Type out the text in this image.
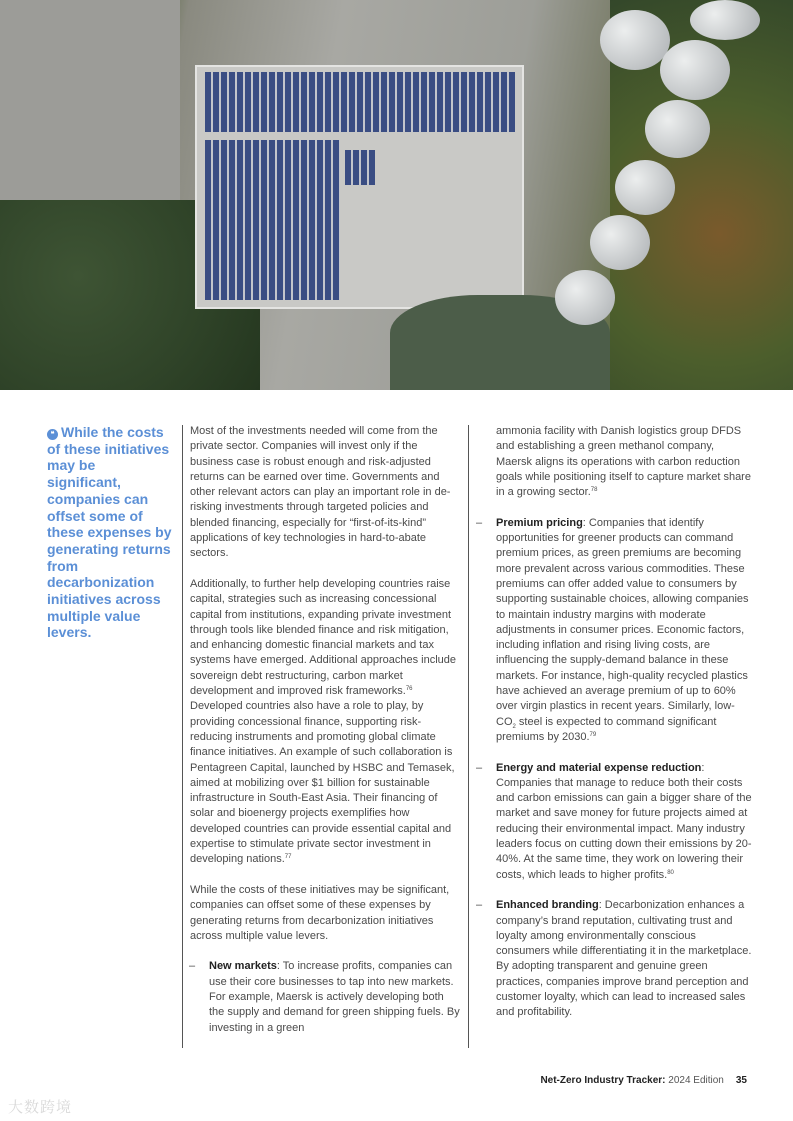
❝ While the costs of these initiatives may be significant, companies can offset some of these expenses by generating returns from decarbonization initiatives across multiple value levers.

Most of the investments needed will come from the private sector. Companies will invest only if the business case is robust enough and risk-adjusted returns can be earned over time. Governments and other relevant actors can play an important role in de-risking investments through targeted policies and blended financing, especially for “first-of-its-kind” applications of key technologies in hard-to-abate sectors.

Additionally, to further help developing countries raise capital, strategies such as increasing concessional capital from institutions, expanding private investment through tools like blended finance and risk mitigation, and enhancing domestic financial markets and tax systems have emerged. Additional approaches include sovereign debt restructuring, carbon market development and improved risk frameworks.$^{76}$ Developed countries also have a role to play, by providing concessional finance, supporting risk-reducing instruments and promoting global climate finance initiatives. An example of such collaboration is Pentagreen Capital, launched by HSBC and Temasek, aimed at mobilizing over $1 billion for sustainable infrastructure in South-East Asia. Their financing of solar and bioenergy projects exemplifies how developed countries can provide essential capital and expertise to stimulate private sector investment in developing nations.$^{77}$

While the costs of these initiatives may be significant, companies can offset some of these expenses by generating returns from decarbonization initiatives across multiple value levers.

– New markets: To increase profits, companies can use their core businesses to tap into new markets. For example, Maersk is actively developing both the supply and demand for green shipping fuels. By investing in a green

ammonia facility with Danish logistics group DFDS and establishing a green methanol company, Maersk aligns its operations with carbon reduction goals while positioning itself to capture market share in a growing sector.$^{78}$

– Premium pricing: Companies that identify opportunities for greener products can command premium prices, as green premiums are becoming more prevalent across various commodities. These premiums can offer added value to consumers by supporting sustainable choices, allowing companies to maintain industry margins with moderate adjustments in consumer prices. Economic factors, including inflation and rising living costs, are influencing the supply-demand balance in these markets. For instance, high-quality recycled plastics have achieved an average premium of up to 60% over virgin plastics in recent years. Similarly, low-$CO_2$ steel is expected to command significant premiums by 2030.79
– Energy and material expense reduction: Companies that manage to reduce both their costs and carbon emissions can gain a bigger share of the market and save money for future projects aimed at reducing their environmental impact. Many industry leaders focus on cutting down their emissions by 20-40%. At the same time, they work on lowering their costs, which leads to higher profits.$^{80}$
– Enhanced branding: Decarbonization enhances a company’s brand reputation, cultivating trust and loyalty among environmentally conscious consumers while differentiating it in the marketplace. By adopting transparent and genuine green practices, companies improve brand perception and customer loyalty, which can lead to increased sales and profitability.
Net-Zero Industry Tracker: 2024 Edition 35
大数跨境
